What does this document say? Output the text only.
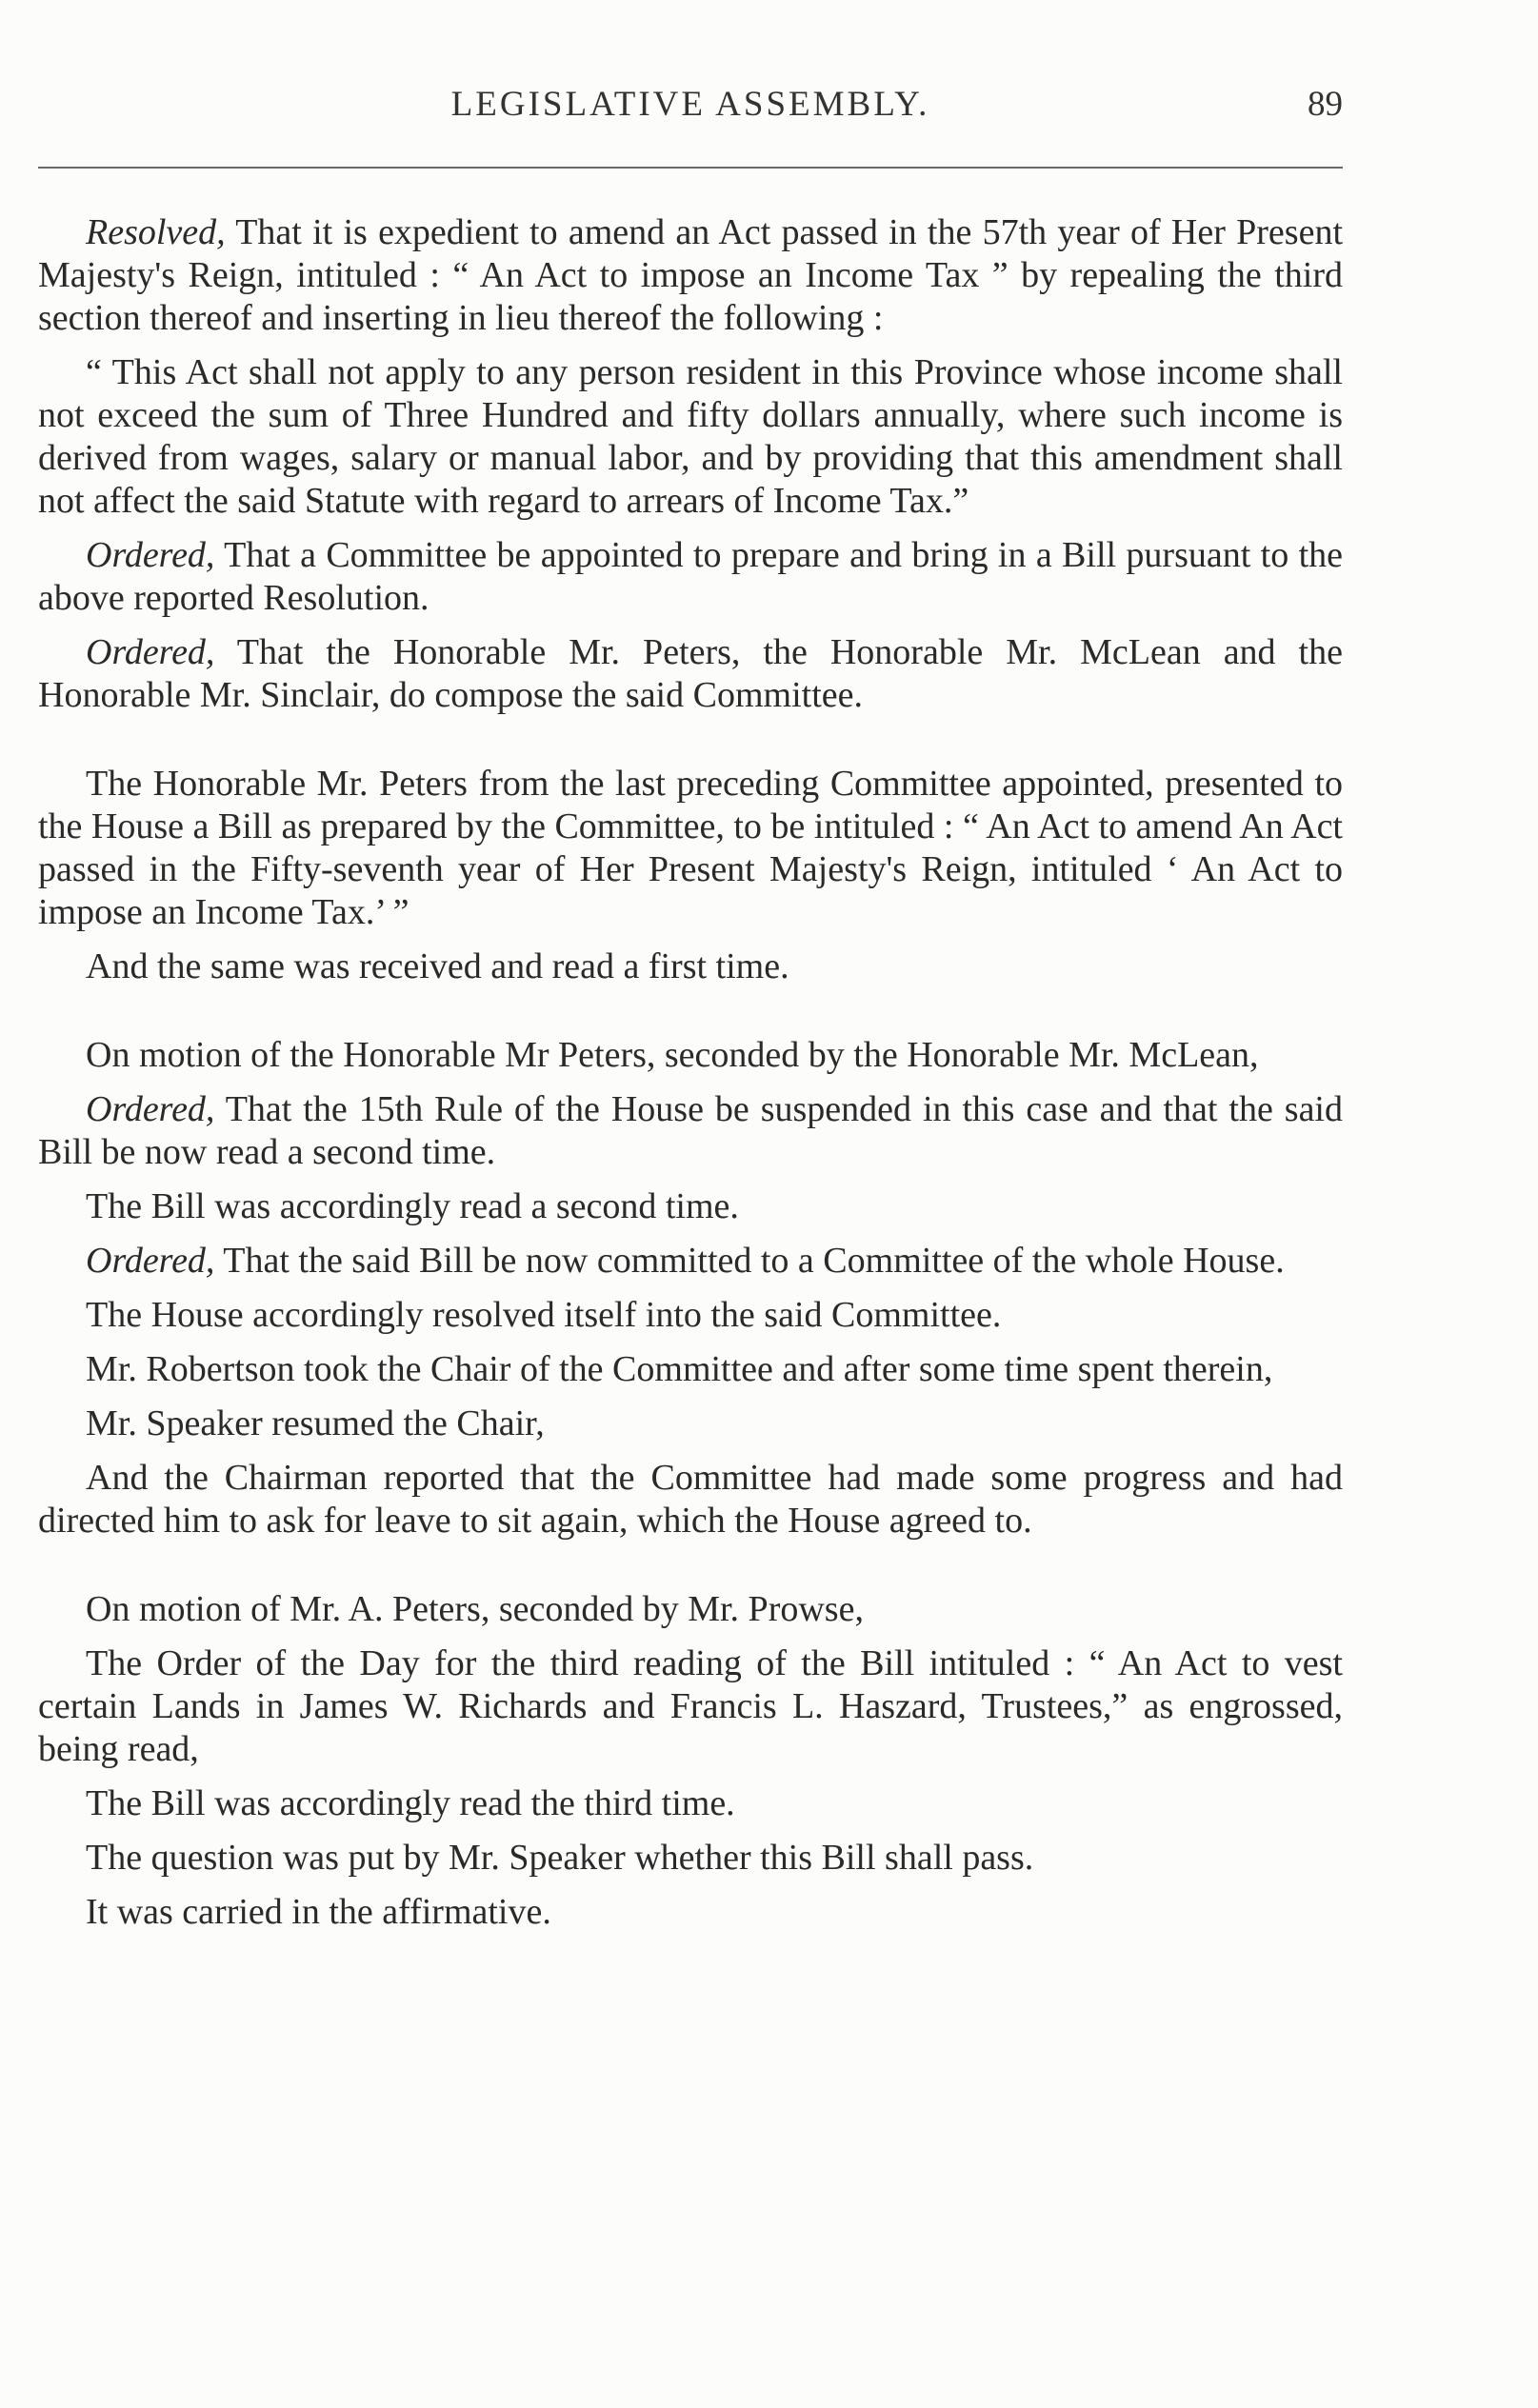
LEGISLATIVE ASSEMBLY.	89

Resolved, That it is expedient to amend an Act passed in the 57th year of Her Present Majesty's Reign, intituled : “ An Act to impose an Income Tax ” by repealing the third section thereof and inserting in lieu thereof the following :

“ This Act shall not apply to any person resident in this Province whose income shall not exceed the sum of Three Hundred and fifty dollars annually, where such income is derived from wages, salary or manual labor, and by providing that this amendment shall not affect the said Statute with regard to arrears of Income Tax.”

Ordered, That a Committee be appointed to prepare and bring in a Bill pursuant to the above reported Resolution.

Ordered, That the Honorable Mr. Peters, the Honorable Mr. McLean and the Honorable Mr. Sinclair, do compose the said Committee.

The Honorable Mr. Peters from the last preceding Committee appointed, presented to the House a Bill as prepared by the Committee, to be intituled : “ An Act to amend An Act passed in the Fifty-seventh year of Her Present Majesty's Reign, intituled ‘ An Act to impose an Income Tax.’ ”

And the same was received and read a first time.

On motion of the Honorable Mr Peters, seconded by the Honorable Mr. McLean,

Ordered, That the 15th Rule of the House be suspended in this case and that the said Bill be now read a second time.

The Bill was accordingly read a second time.

Ordered, That the said Bill be now committed to a Committee of the whole House.

The House accordingly resolved itself into the said Committee.

Mr. Robertson took the Chair of the Committee and after some time spent therein,

Mr. Speaker resumed the Chair,

And the Chairman reported that the Committee had made some progress and had directed him to ask for leave to sit again, which the House agreed to.

On motion of Mr. A. Peters, seconded by Mr. Prowse,

The Order of the Day for the third reading of the Bill intituled : “ An Act to vest certain Lands in James W. Richards and Francis L. Haszard, Trustees,” as engrossed, being read,

The Bill was accordingly read the third time.

The question was put by Mr. Speaker whether this Bill shall pass.

It was carried in the affirmative.
